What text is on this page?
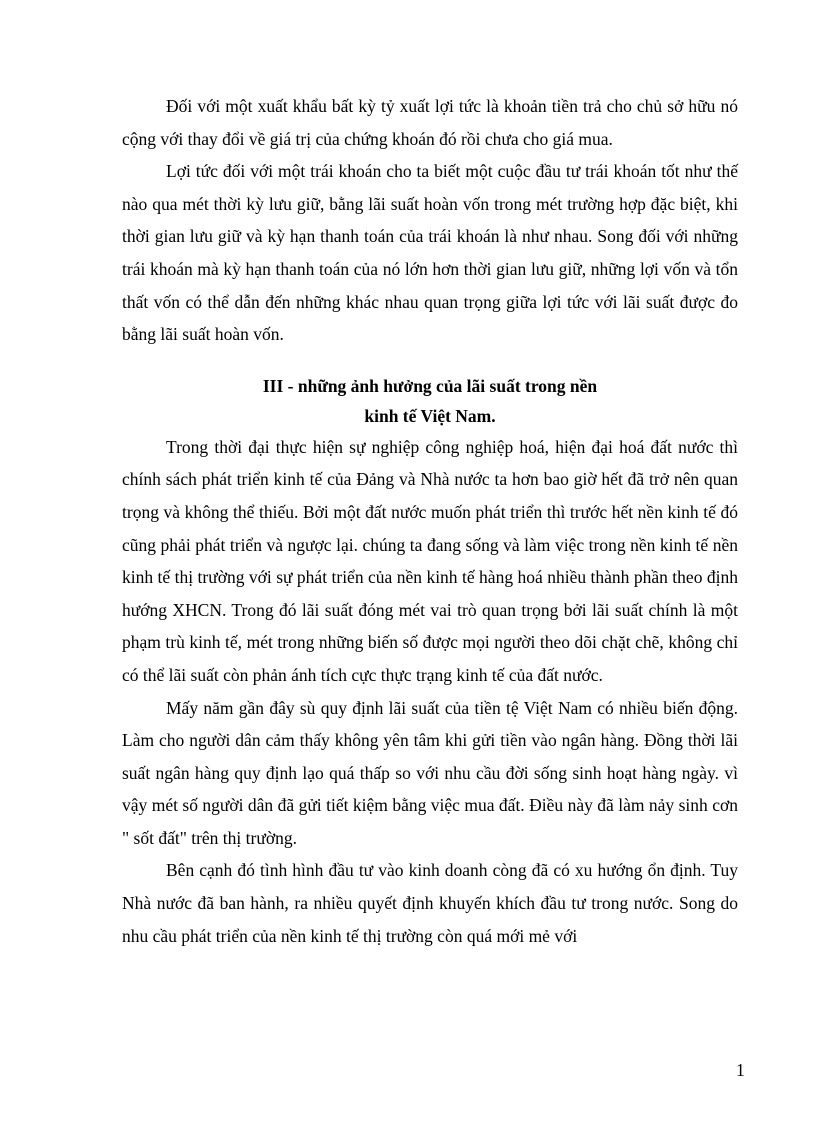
Đối với một xuất khẩu bất kỳ tỷ xuất lợi tức là khoản tiền trả cho chủ sở hữu nó cộng với thay đổi về giá trị của chứng khoán đó rồi chưa cho giá mua.

Lợi tức đối với một trái khoán cho ta biết một cuộc đầu tư trái khoán tốt như thế nào qua mét thời kỳ lưu giữ, bằng lãi suất hoàn vốn trong mét trường hợp đặc biệt, khi thời gian lưu giữ và kỳ hạn thanh toán của trái khoán là như nhau. Song đối với những trái khoán mà kỳ hạn thanh toán của nó lớn hơn thời gian lưu giữ, những lợi vốn và tổn thất vốn có thể dẫn đến những khác nhau quan trọng giữa lợi tức với lãi suất được đo bằng lãi suất hoàn vốn.

III - những ảnh hưởng của lãi suất trong nền

kinh tế Việt Nam.

Trong thời đại thực hiện sự nghiệp công nghiệp hoá, hiện đại hoá đất nước thì chính sách phát triển kinh tế của Đảng và Nhà nước ta hơn bao giờ hết đã trở nên quan trọng và không thể thiếu. Bởi một đất nước muốn phát triển thì trước hết nền kinh tế đó cũng phải phát triển và ngược lại. chúng ta đang sống và làm việc trong nền kinh tế nền kinh tế thị trường với sự phát triển của nền kinh tế hàng hoá nhiều thành phần theo định hướng XHCN. Trong đó lãi suất đóng mét vai trò quan trọng bởi lãi suất chính là một phạm trù kinh tế, mét trong những biến số được mọi người theo dõi chặt chẽ, không chỉ có thể lãi suất còn phản ánh tích cực thực trạng kinh tế của đất nước.

Mấy năm gần đây sù quy định lãi suất của tiền tệ Việt Nam có nhiều biến động. Làm cho người dân cảm thấy không yên tâm khi gửi tiền vào ngân hàng. Đồng thời lãi suất ngân hàng quy định lạo quá thấp so với nhu cầu đời sống sinh hoạt hàng ngày. vì vậy mét số người dân đã gửi tiết kiệm bằng việc mua đất. Điều này đã làm nảy sinh cơn " sốt đất" trên thị trường.

Bên cạnh đó tình hình đầu tư vào kinh doanh còng đã có xu hướng ổn định. Tuy Nhà nước đã ban hành, ra nhiều quyết định khuyến khích đầu tư trong nước. Song do nhu cầu phát triển của nền kinh tế thị trường còn quá mới mẻ với

1
